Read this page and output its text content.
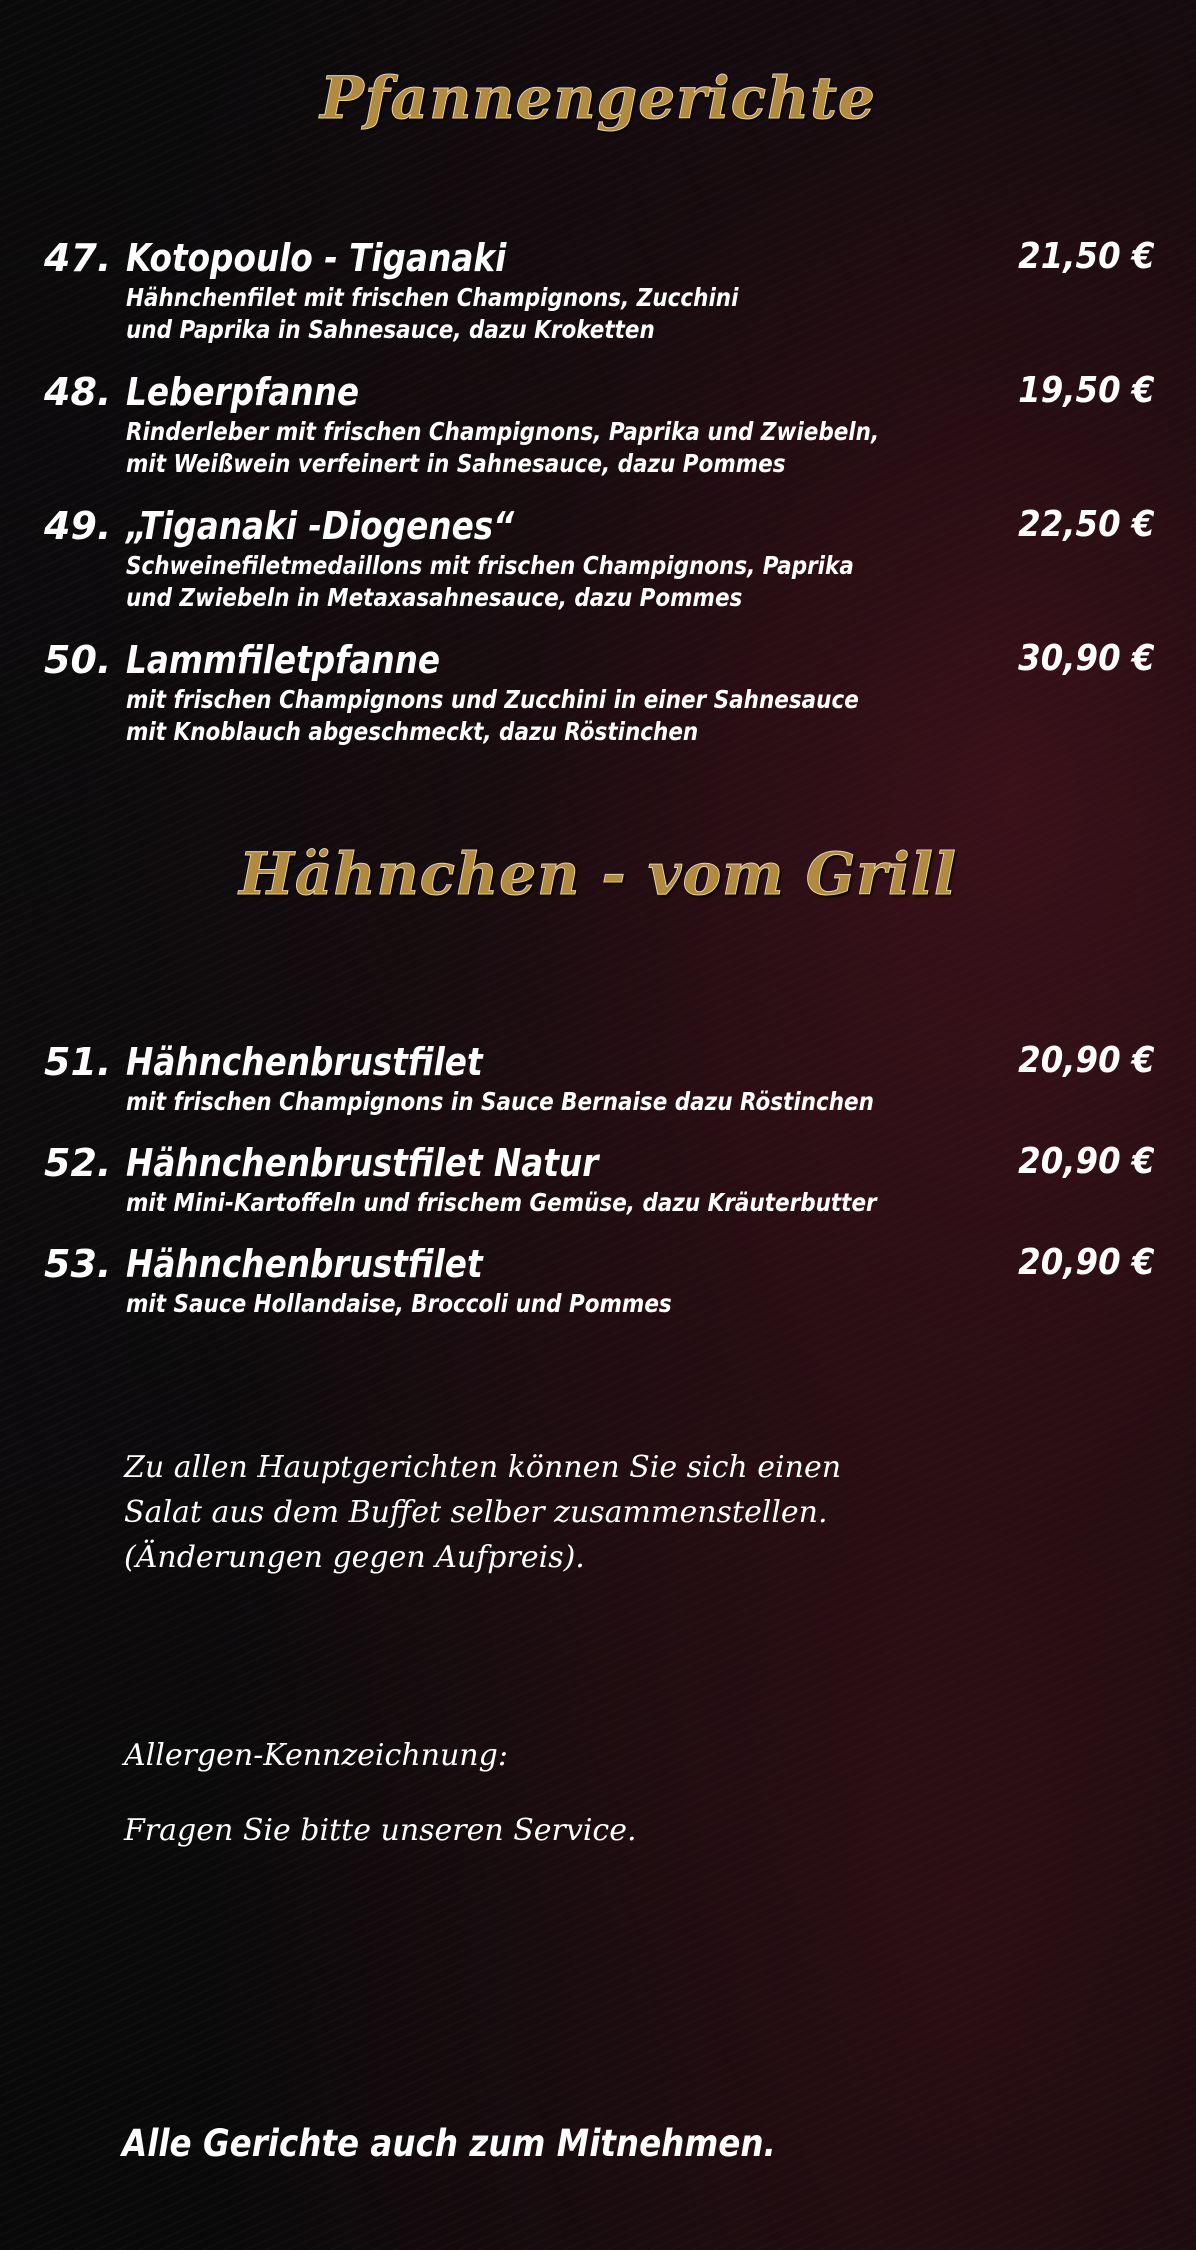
Pfannengerichte
47. Kotopoulo - Tiganaki	21,50 €
Hähnchenfilet mit frischen Champignons, Zucchini
und Paprika in Sahnesauce, dazu Kroketten
48. Leberpfanne	19,50 €
Rinderleber mit frischen Champignons, Paprika und Zwiebeln,
mit Weißwein verfeinert in Sahnesauce, dazu Pommes
49. „Tiganaki -Diogenes“	22,50 €
Schweinefiletmedaillons mit frischen Champignons, Paprika
und Zwiebeln in Metaxasahnesauce, dazu Pommes
50. Lammfiletpfanne	30,90 €
mit frischen Champignons und Zucchini in einer Sahnesauce
mit Knoblauch abgeschmeckt, dazu Röstinchen
Hähnchen - vom Grill
51. Hähnchenbrustfilet	20,90 €
mit frischen Champignons in Sauce Bernaise dazu Röstinchen
52. Hähnchenbrustfilet Natur	20,90 €
mit Mini-Kartoffeln und frischem Gemüse, dazu Kräuterbutter
53. Hähnchenbrustfilet	20,90 €
mit Sauce Hollandaise, Broccoli und Pommes
Zu allen Hauptgerichten können Sie sich einen
Salat aus dem Buffet selber zusammenstellen.
(Änderungen gegen Aufpreis).
Allergen-Kennzeichnung:
Fragen Sie bitte unseren Service.
Alle Gerichte auch zum Mitnehmen.
